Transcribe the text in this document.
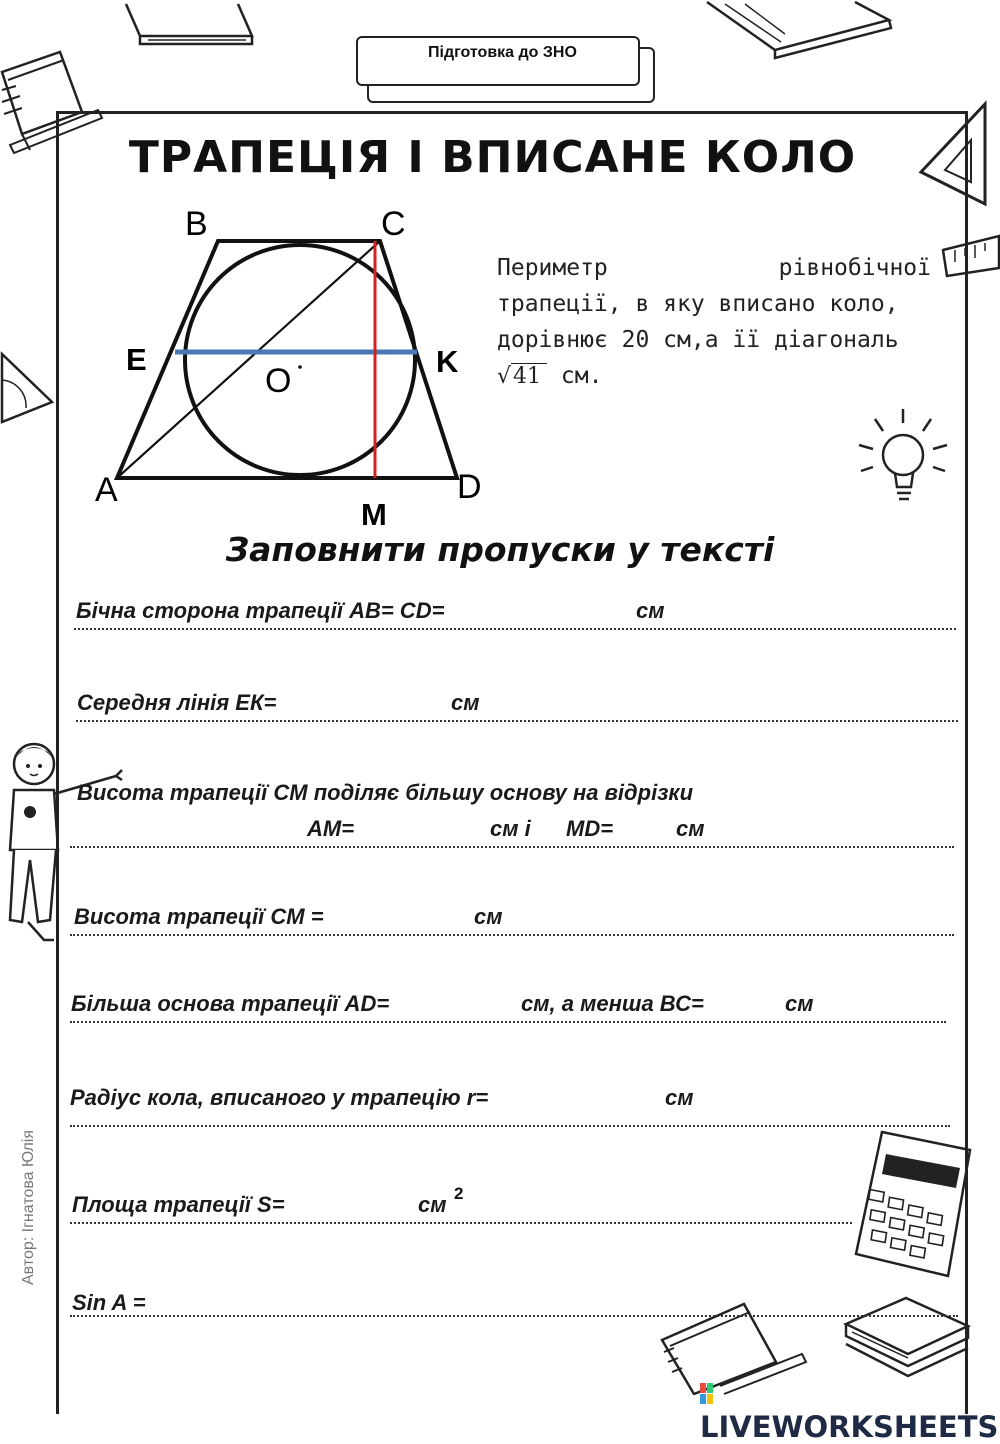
Підготовка до ЗНО
ТРАПЕЦІЯ І ВПИСАНЕ КОЛО
B	C
E	K
O
A
M
D
Периметр	рівнобічної
трапеції, в яку вписано коло,
дорівнює 20 см,а її діагональ
√41 см.
Заповнити пропуски у тексті
Бічна сторона трапеції АВ= СD=	см
Середня лінія ЕК=	см
Висота трапеції СМ поділяє більшу основу на відрізки
АМ=	см і МD=	см
Висота трапеції СМ =	см
Більша основа трапеції АD=	см, а менша ВС=	см
Радіус кола, вписаного у трапецію r=	см
Площа трапеції S=	см 2
Sin A =
Автор: Ігнатова Юлія
LIVEWORKSHEETS
